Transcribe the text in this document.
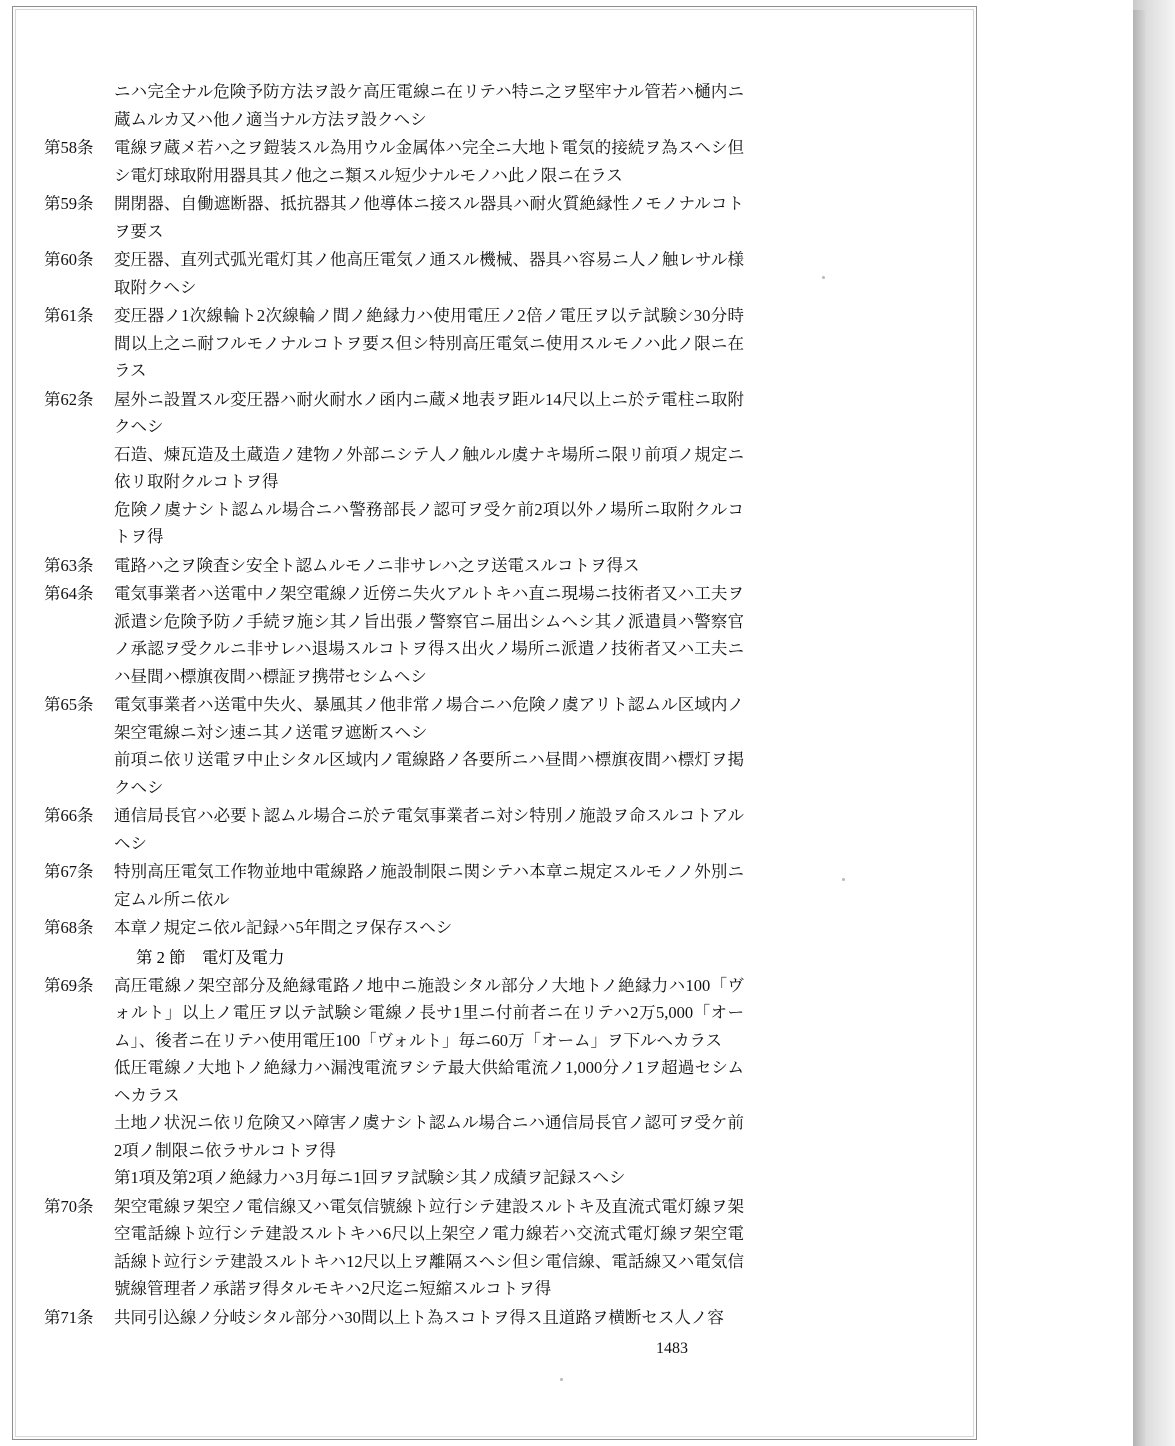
ニハ完全ナル危険予防方法ヲ設ケ高圧電線ニ在リテハ特ニ之ヲ堅牢ナル管若ハ樋内ニ蔵ムルカ又ハ他ノ適当ナル方法ヲ設クヘシ

第58条	電線ヲ蔵メ若ハ之ヲ鎧装スル為用ウル金属体ハ完全ニ大地ト電気的接続ヲ為スヘシ但シ電灯球取附用器具其ノ他之ニ類スル短少ナルモノハ此ノ限ニ在ラス

第59条	開閉器、自働遮断器、抵抗器其ノ他導体ニ接スル器具ハ耐火質絶縁性ノモノナルコトヲ要ス

第60条	変圧器、直列式弧光電灯其ノ他高圧電気ノ通スル機械、器具ハ容易ニ人ノ触レサル様取附クヘシ

第61条	変圧器ノ1次線輪ト2次線輪ノ間ノ絶縁力ハ使用電圧ノ2倍ノ電圧ヲ以テ試験シ30分時間以上之ニ耐フルモノナルコトヲ要ス但シ特別高圧電気ニ使用スルモノハ此ノ限ニ在ラス

第62条	屋外ニ設置スル変圧器ハ耐火耐水ノ函内ニ蔵メ地表ヲ距ル14尺以上ニ於テ電柱ニ取附クヘシ

石造、煉瓦造及土蔵造ノ建物ノ外部ニシテ人ノ触ルル虞ナキ場所ニ限リ前項ノ規定ニ依リ取附クルコトヲ得

危険ノ虞ナシト認ムル場合ニハ警務部長ノ認可ヲ受ケ前2項以外ノ場所ニ取附クルコトヲ得

第63条	電路ハ之ヲ険査シ安全ト認ムルモノニ非サレハ之ヲ送電スルコトヲ得ス

第64条	電気事業者ハ送電中ノ架空電線ノ近傍ニ失火アルトキハ直ニ現場ニ技術者又ハ工夫ヲ派遣シ危険予防ノ手続ヲ施シ其ノ旨出張ノ警察官ニ届出シムヘシ其ノ派遣員ハ警察官ノ承認ヲ受クルニ非サレハ退場スルコトヲ得ス出火ノ場所ニ派遣ノ技術者又ハ工夫ニハ昼間ハ標旗夜間ハ標証ヲ携帯セシムヘシ

第65条	電気事業者ハ送電中失火、暴風其ノ他非常ノ場合ニハ危険ノ虞アリト認ムル区域内ノ架空電線ニ対シ速ニ其ノ送電ヲ遮断スヘシ

前項ニ依リ送電ヲ中止シタル区域内ノ電線路ノ各要所ニハ昼間ハ標旗夜間ハ標灯ヲ掲クヘシ

第66条	通信局長官ハ必要ト認ムル場合ニ於テ電気事業者ニ対シ特別ノ施設ヲ命スルコトアルヘシ

第67条	特別高圧電気工作物並地中電線路ノ施設制限ニ関シテハ本章ニ規定スルモノノ外別ニ定ムル所ニ依ル

第68条	本章ノ規定ニ依ル記録ハ5年間之ヲ保存スヘシ

第 2 節　電灯及電力
第69条	高圧電線ノ架空部分及絶縁電路ノ地中ニ施設シタル部分ノ大地トノ絶縁力ハ100「ヴォルト」以上ノ電圧ヲ以テ試験シ電線ノ長サ1里ニ付前者ニ在リテハ2万5,000「オーム」、後者ニ在リテハ使用電圧100「ヴォルト」毎ニ60万「オーム」ヲ下ルヘカラス

低圧電線ノ大地トノ絶縁力ハ漏洩電流ヲシテ最大供給電流ノ1,000分ノ1ヲ超過セシムヘカラス

土地ノ状況ニ依リ危険又ハ障害ノ虞ナシト認ムル場合ニハ通信局長官ノ認可ヲ受ケ前2項ノ制限ニ依ラサルコトヲ得

第1項及第2項ノ絶縁力ハ3月毎ニ1回ヲヲ試験シ其ノ成績ヲ記録スヘシ

第70条	架空電線ヲ架空ノ電信線又ハ電気信號線ト竝行シテ建設スルトキ及直流式電灯線ヲ架空電話線ト竝行シテ建設スルトキハ6尺以上架空ノ電力線若ハ交流式電灯線ヲ架空電話線ト竝行シテ建設スルトキハ12尺以上ヲ離隔スヘシ但シ電信線、電話線又ハ電気信號線管理者ノ承諾ヲ得タルモキハ2尺迄ニ短縮スルコトヲ得

第71条	共同引込線ノ分岐シタル部分ハ30間以上ト為スコトヲ得ス且道路ヲ横断セス人ノ容

1483
